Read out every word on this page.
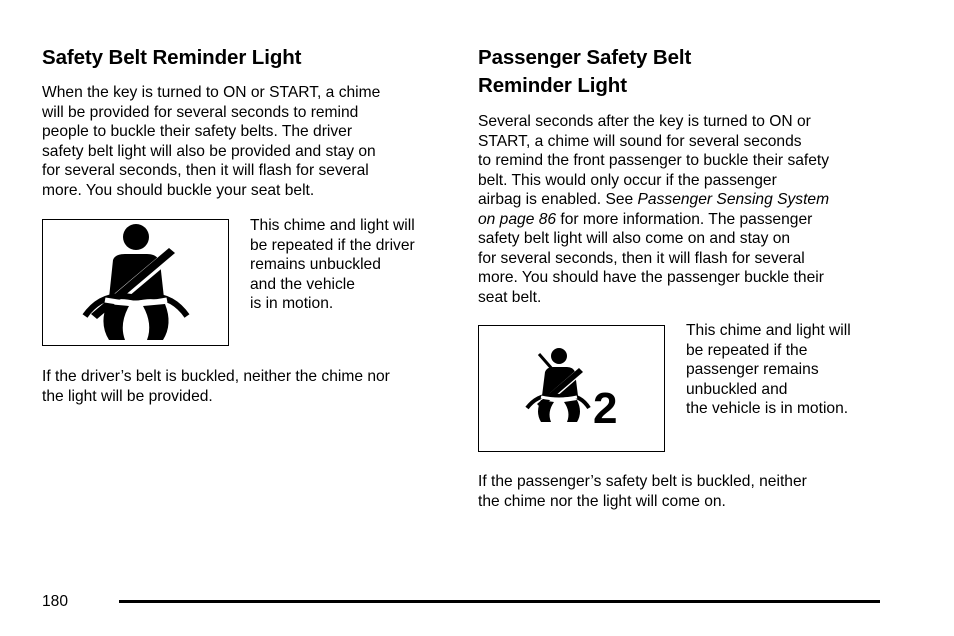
Safety Belt Reminder Light

When the key is turned to ON or START, a chime
will be provided for several seconds to remind
people to buckle their safety belts. The driver
safety belt light will also be provided and stay on
for several seconds, then it will flash for several
more. You should buckle your seat belt.

This chime and light will
be repeated if the driver
remains unbuckled
and the vehicle
is in motion.

If the driver’s belt is buckled, neither the chime nor
the light will be provided.

Passenger Safety Belt
Reminder Light

Several seconds after the key is turned to ON or
START, a chime will sound for several seconds
to remind the front passenger to buckle their safety
belt. This would only occur if the passenger
airbag is enabled. See Passenger Sensing System
on page 86 for more information. The passenger
safety belt light will also come on and stay on
for several seconds, then it will flash for several
more. You should have the passenger buckle their
seat belt.

2

This chime and light will
be repeated if the
passenger remains
unbuckled and
the vehicle is in motion.

If the passenger’s safety belt is buckled, neither
the chime nor the light will come on.

180
